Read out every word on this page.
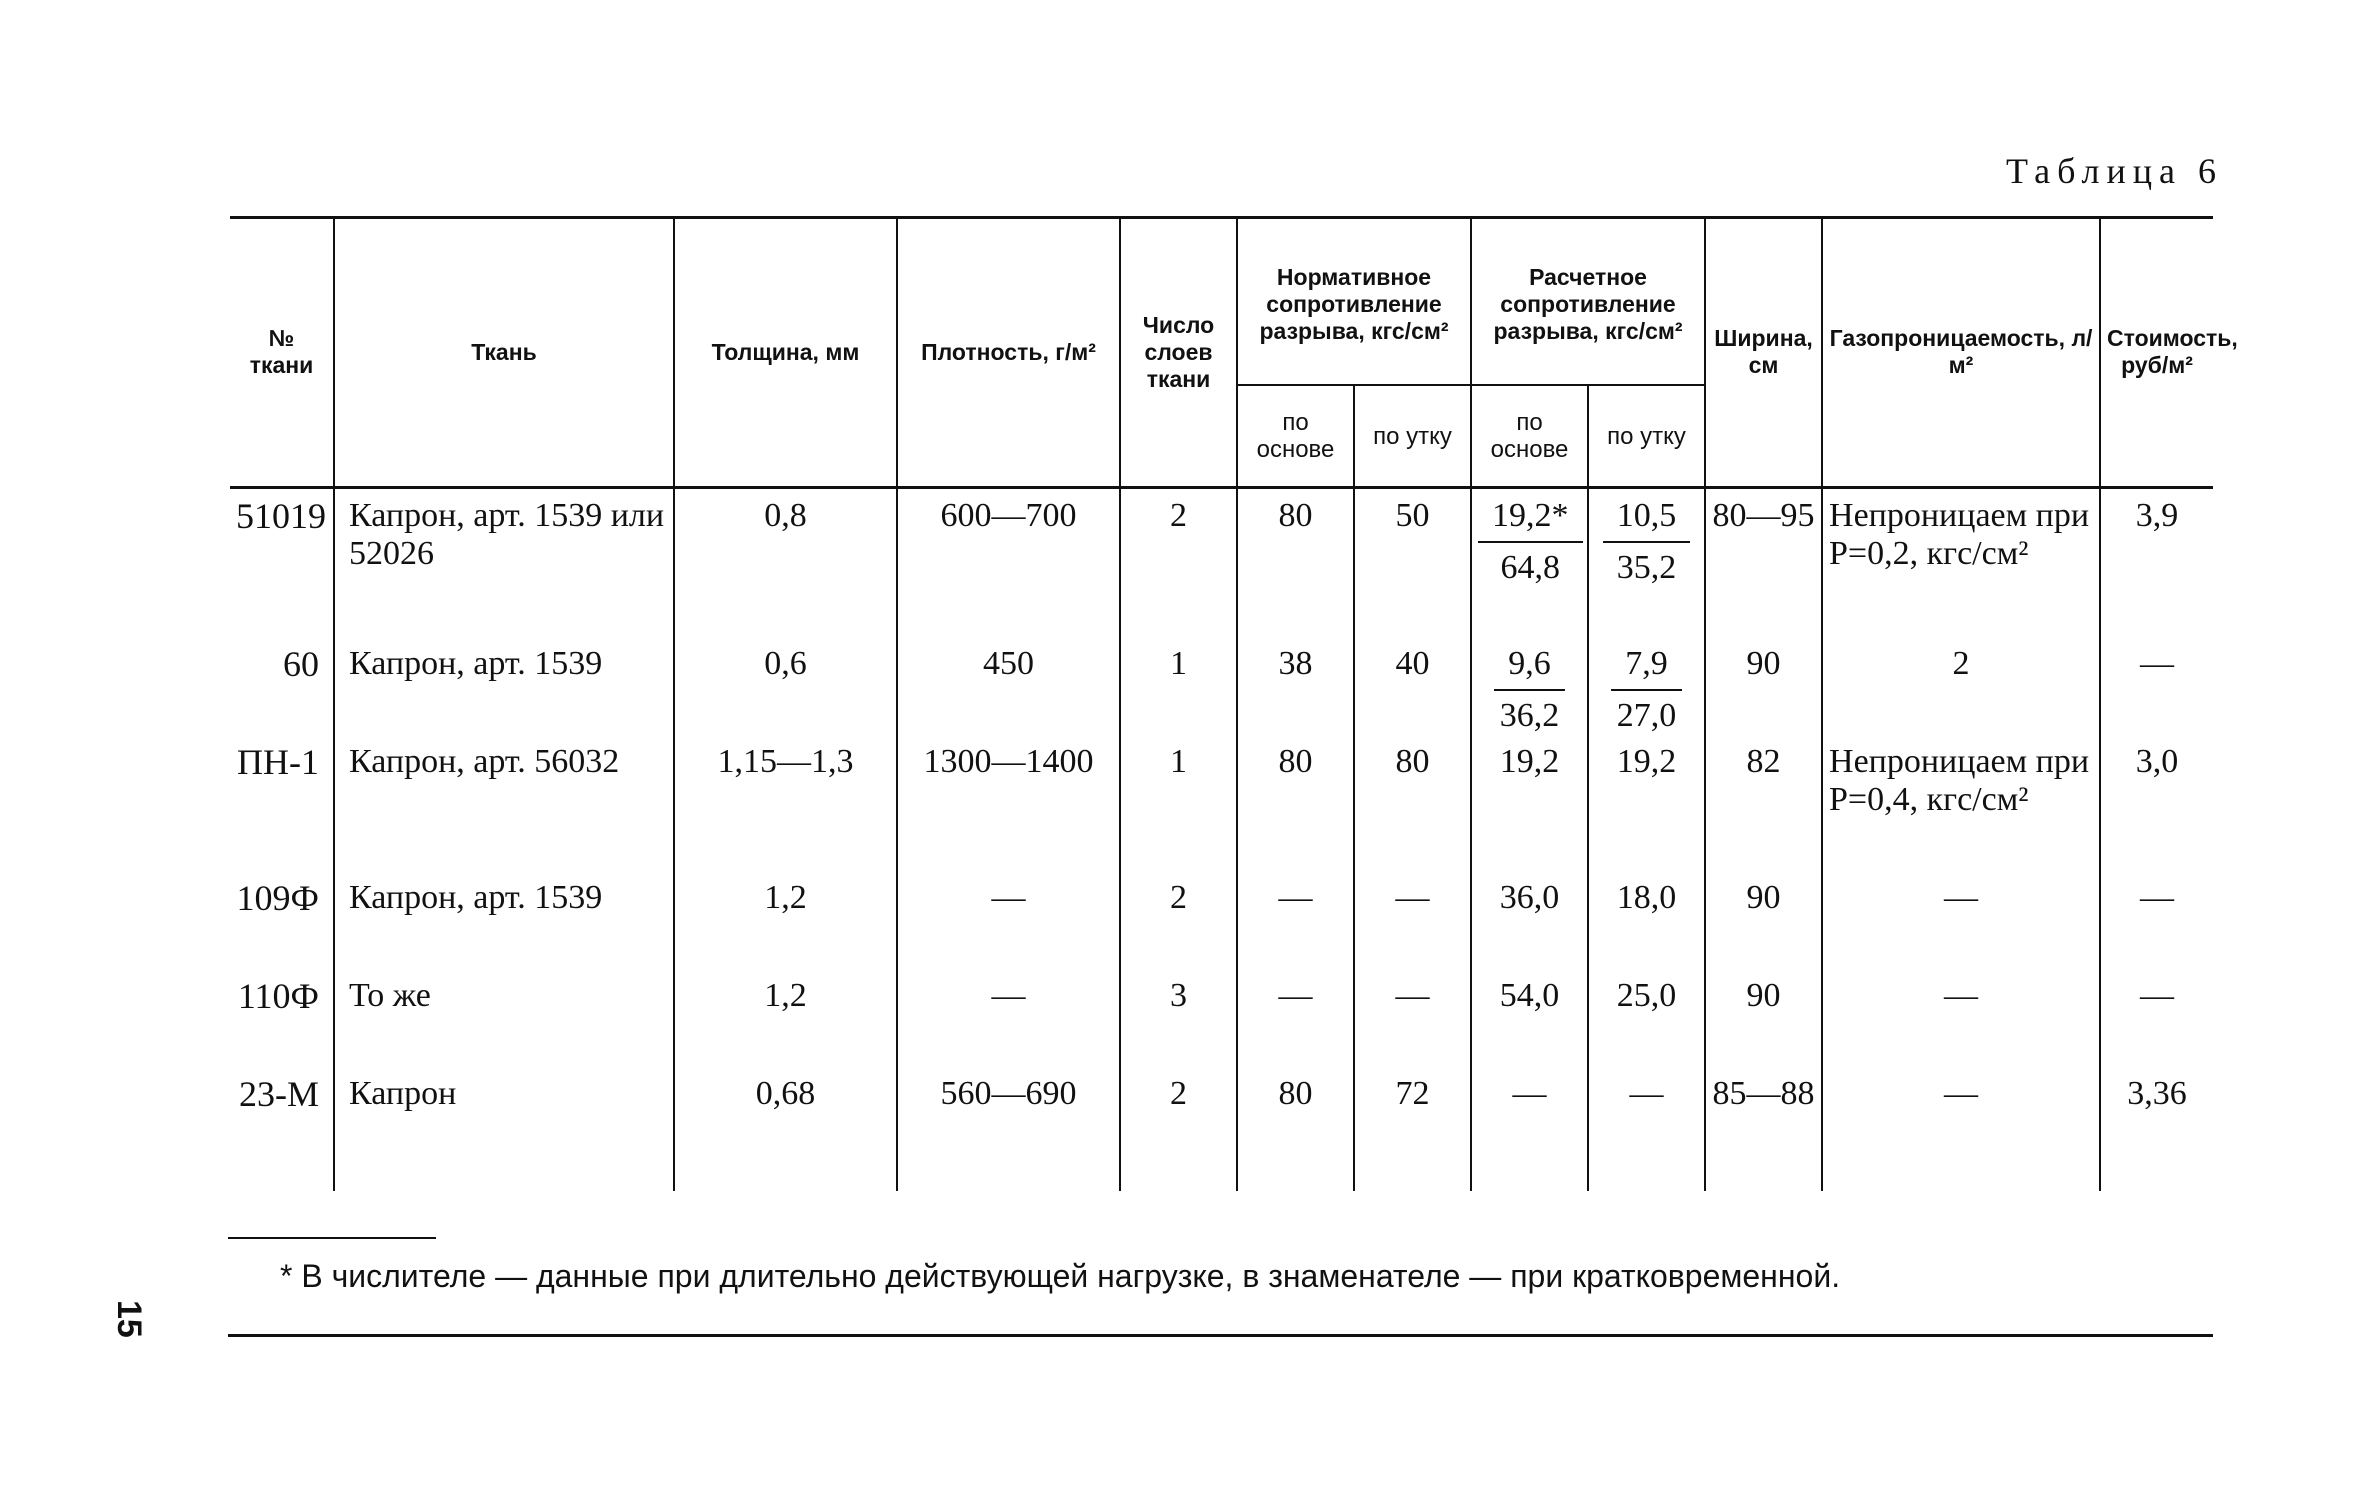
Таблица 6
№ ткани	Ткань	Толщина, мм	Плотность, г/м²	Число слоев ткани	Нормативное сопротивление разрыва, кгс/см²		Расчетное сопротивление разрыва, кгс/см²		Ширина, см	Газопроницаемость, л/м²	Стоимость, руб/м²
					по основе	по утку	по основе	по утку			
51019	Капрон, арт. 1539 или 52026	0,8	600—700	2	80	50	$\frac{19,2*}{64,8}$	$\frac{10,5}{35,2}$	80—95	Непроницаем при P=0,2, кгс/см²	3,9
60	Капрон, арт. 1539	0,6	450	1	38	40	$\frac{9,6}{36,2}$	$\frac{7,9}{27,0}$	90	2	—
ПН-1	Капрон, арт. 56032	1,15—1,3	1300—1400	1	80	80	19,2	19,2	82	Непроницаем при P=0,4, кгс/см²	3,0
109Ф	Капрон, арт. 1539	1,2	—	2	—	—	36,0	18,0	90	—	—
110Ф	То же	1,2	—	3	—	—	54,0	25,0	90	—	—
23-М	Капрон	0,68	560—690	2	80	72	—	—	85—88	—	3,36
* В числителе — данные при длительно действующей нагрузке, в знаменателе — при кратковременной.
15
